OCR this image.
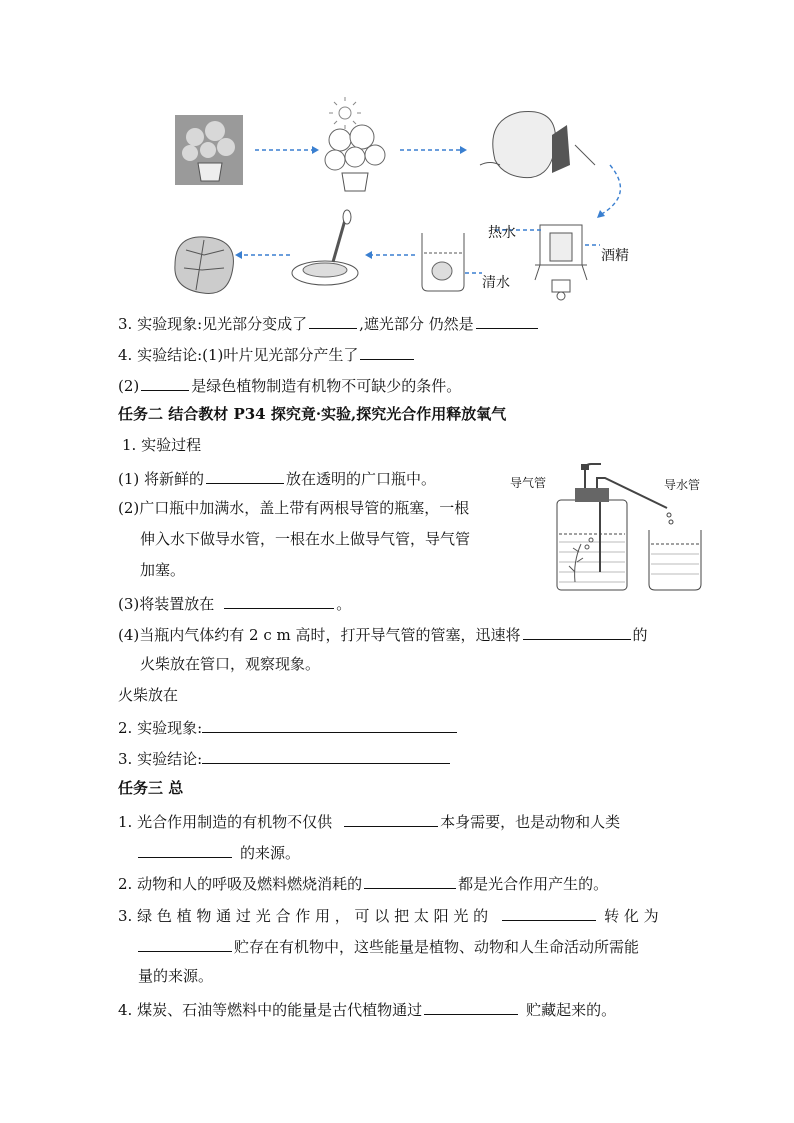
热水
酒精
清水
3. 实验现象:见光部分变成了	,遮光部分 仍然是
4. 实验结论:(1)叶片见光部分产生了
(2)	是绿色植物制造有机物不可缺少的条件。
任务二 结合教材 P34 探究竟·实验,探究光合作用释放氧气
1. 实验过程
(1) 将新鲜的	放在透明的广口瓶中。
(2)广口瓶中加满水，盖上带有两根导管的瓶塞，一根
伸入水下做导水管，一根在水上做导气管，导气管
加塞。
(3)将装置放在	。
(4)当瓶内气体约有 2 c m 高时，打开导气管的管塞，迅速将	的
火柴放在管口，观察现象。
火柴放在
2. 实验现象:
3. 实验结论:
导气管	导水管
任务三 总
1. 光合作用制造的有机物不仅供	本身需要，也是动物和人类
的来源。
2. 动物和人的呼吸及燃料燃烧消耗的	都是光合作用产生的。
3. 绿 色 植 物 通 过 光 合 作 用 ， 可 以 把 太 阳 光 的	转 化 为
贮存在有机物中，这些能量是植物、动物和人生命活动所需能
量的来源。
4. 煤炭、石油等燃料中的能量是古代植物通过	贮藏起来的。
